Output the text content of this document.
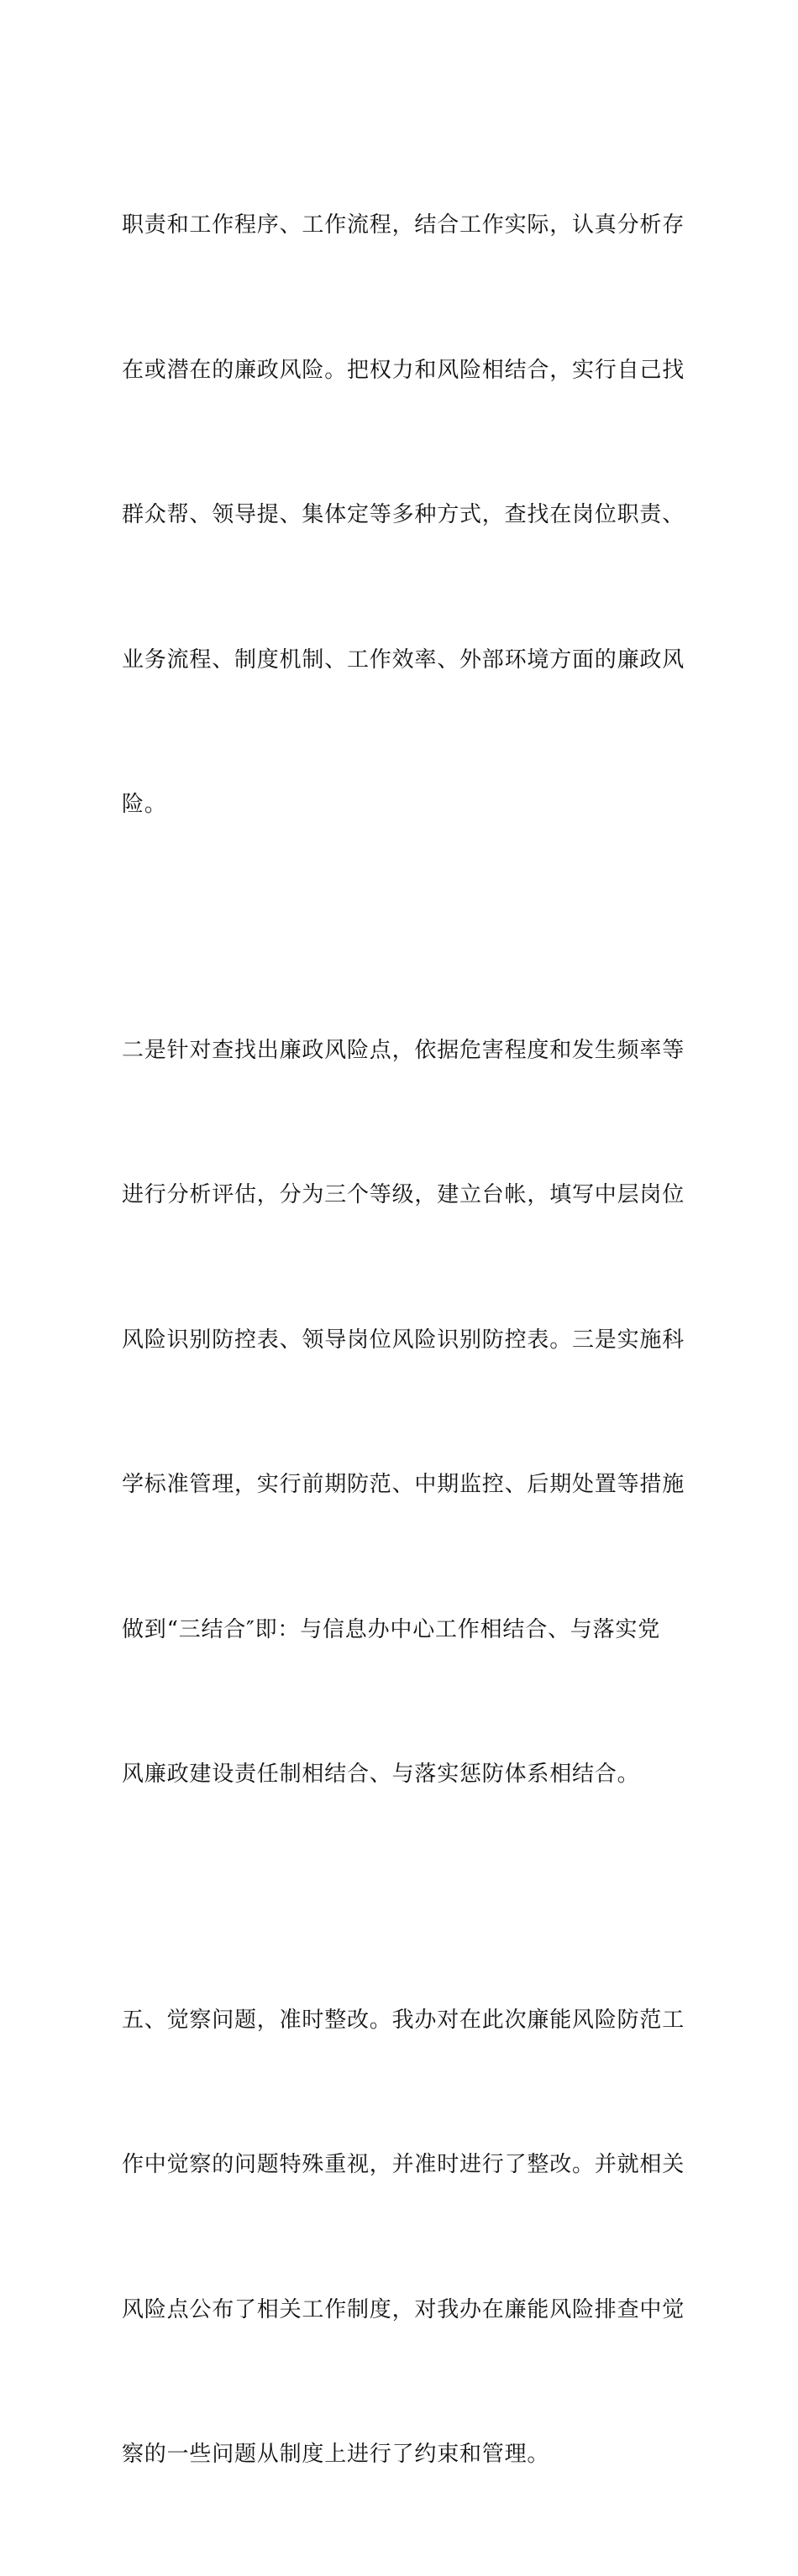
职责和工作程序、工作流程，结合工作实际，认真分析存

在或潜在的廉政风险。把权力和风险相结合，实行自己找

群众帮、领导提、集体定等多种方式，查找在岗位职责、

业务流程、制度机制、工作效率、外部环境方面的廉政风

险。

二是针对查找出廉政风险点，依据危害程度和发生频率等

进行分析评估，分为三个等级，建立台帐，填写中层岗位

风险识别防控表、领导岗位风险识别防控表。三是实施科

学标准管理，实行前期防范、中期监控、后期处置等措施

做到“三结合″即：与信息办中心工作相结合、与落实党

风廉政建设责任制相结合、与落实惩防体系相结合。

五、觉察问题，准时整改。我办对在此次廉能风险防范工

作中觉察的问题特殊重视，并准时进行了整改。并就相关

风险点公布了相关工作制度，对我办在廉能风险排查中觉

察的一些问题从制度上进行了约束和管理。
